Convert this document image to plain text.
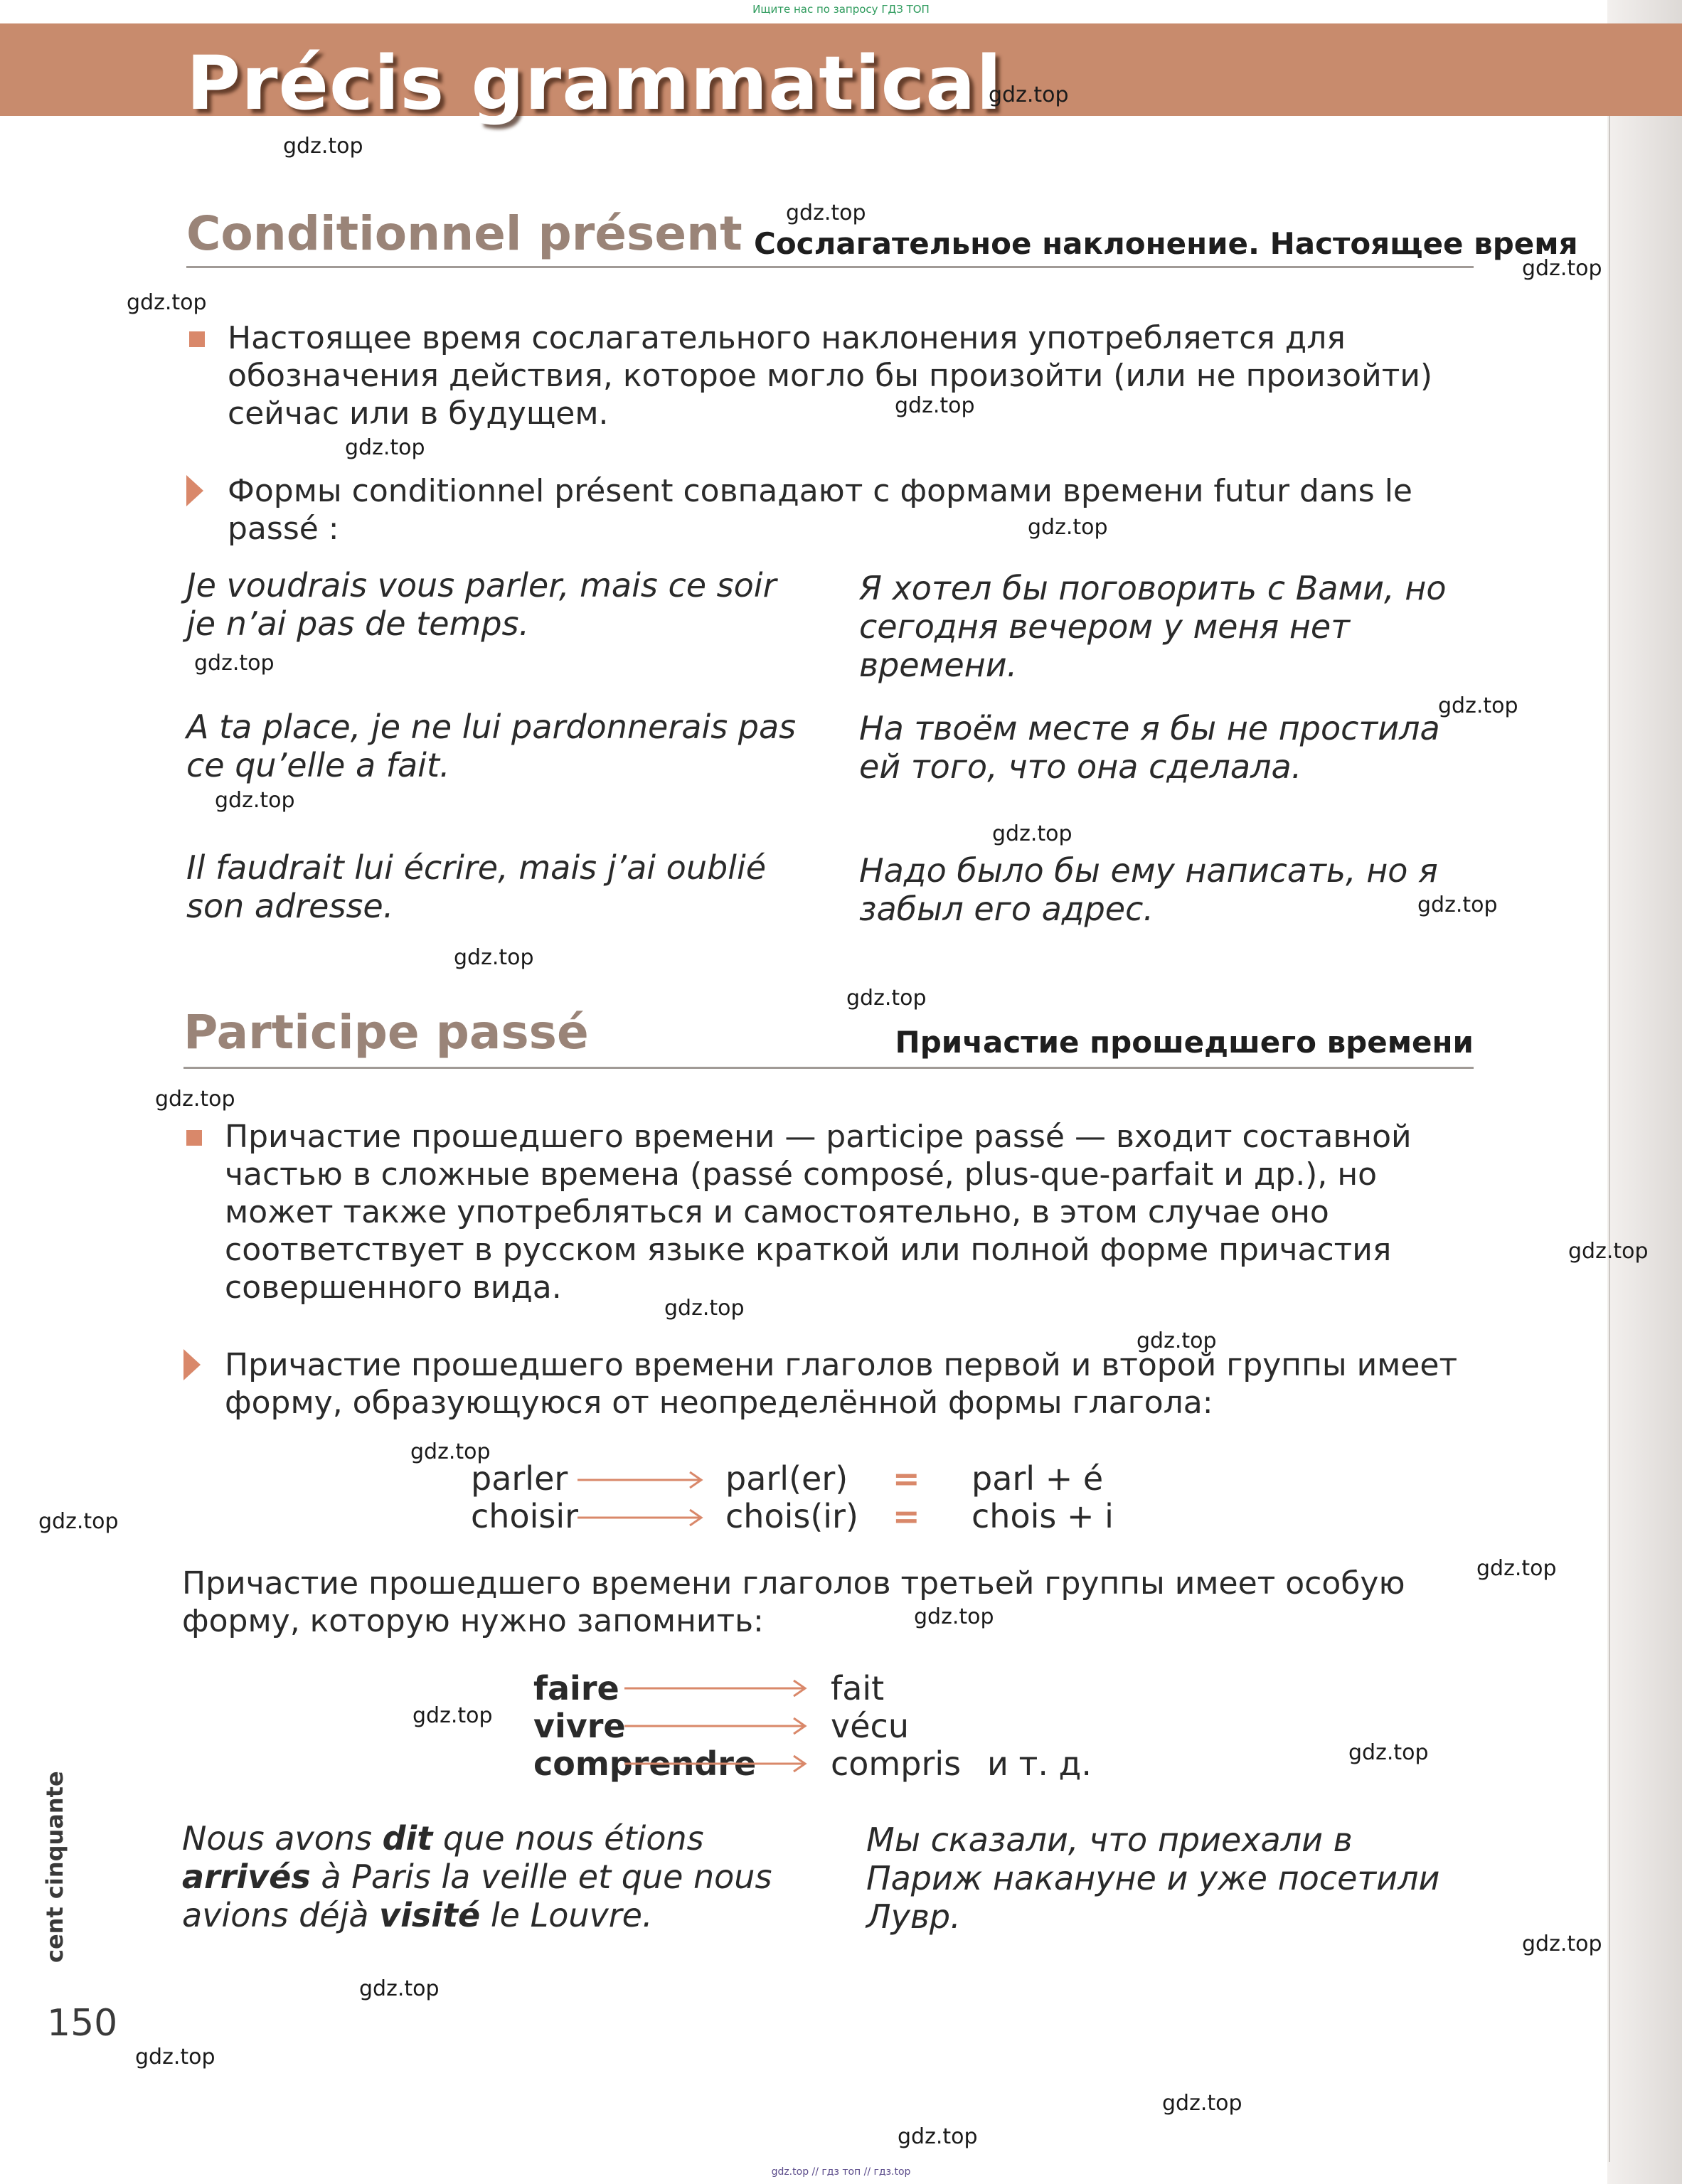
Ищите нас по запросу ГДЗ ТОП
Précis grammatical
Conditionnel présent Сослагательное наклонение. Настоящее время
Настоящее время сослагательного наклонения употребляется для обозначения действия, которое могло бы произойти (или не произойти) сейчас или в будущем.
Формы conditionnel présent совпадают с формами времени futur dans le passé :
Je voudrais vous parler, mais ce soir je n’ai pas de temps.
Я хотел бы поговорить с Вами, но сегодня вечером у меня нет времени.
A ta place, je ne lui pardonnerais pas ce qu’elle a fait.
На твоём месте я бы не простила ей того, что она сделала.
Il faudrait lui écrire, mais j’ai oublié son adresse.
Надо было бы ему написать, но я забыл его адрес.
Participe passé	Причастие прошедшего времени
Причастие прошедшего времени — participe passé — входит составной частью в сложные времена (passé composé, plus-que-parfait и др.), но может также употребляться и самостоятельно, в этом случае оно соответствует в русском языке краткой или полной форме причастия совершенного вида.
Причастие прошедшего времени глаголов первой и второй группы имеет форму, образующуюся от неопределённой формы глагола:
parler
choisir
parl(er)
chois(ir)
=
=
parl + é
chois + i
Причастие прошедшего времени глаголов третьей группы имеет особую форму, которую нужно запомнить:
faire
vivre
comprendre
fait
vécu
compris и т. д.
Nous avons dit que nous étions arrivés à Paris la veille et que nous avions déjà visité le Louvre.
Мы сказали, что приехали в Париж накануне и уже посетили Лувр.
cent cinquante
150
gdz.top
gdz.top
gdz.top
gdz.top
gdz.top
gdz.top
gdz.top
gdz.top
gdz.top
gdz.top
gdz.top
gdz.top
gdz.top
gdz.top
gdz.top
gdz.top
gdz.top
gdz.top
gdz.top
gdz.top
gdz.top
gdz.top
gdz.top
gdz.top
gdz.top
gdz.top
gdz.top
gdz.top
gdz.top
gdz.top
gdz.top // гдз топ // гдз.top
